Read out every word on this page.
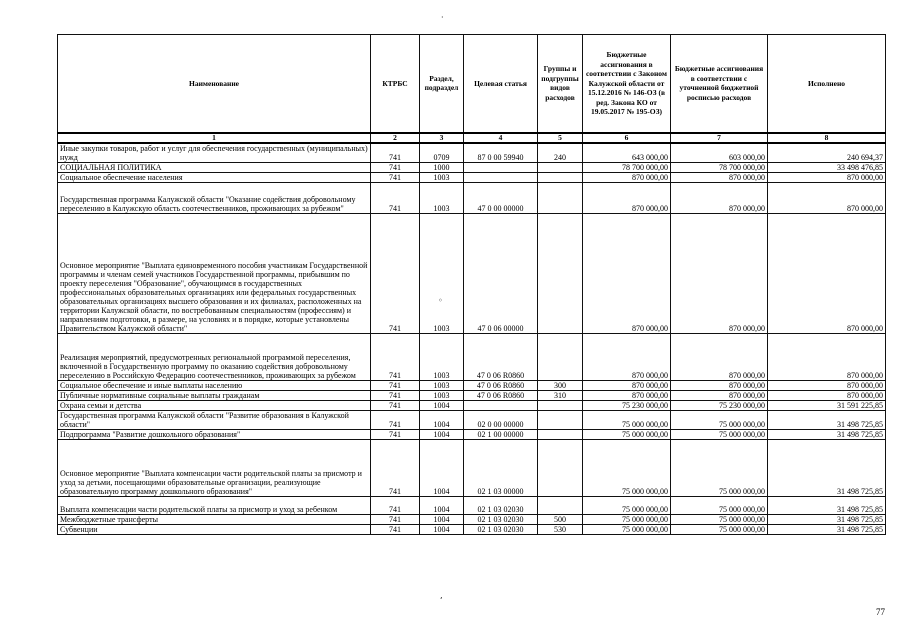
Наименование	КТРБС	Раздел, подраздел	Целевая статья	Группы и подгруппы видов расходов	Бюджетные ассигнования в соответствии с Законом Калужской области от 15.12.2016 № 146-ОЗ (в ред. Закона КО от 19.05.2017 № 195-ОЗ)	Бюджетные ассигнования в соответствии с уточненной бюджетной росписью расходов	Исполнено
1	2	3	4	5	6	7	8
Иные закупки товаров, работ и услуг для обеспечения государственных (муниципальных) нужд	741	0709	87 0 00 59940	240	643 000,00	603 000,00	240 694,37
СОЦИАЛЬНАЯ ПОЛИТИКА	741	1000			78 700 000,00	78 700 000,00	33 498 476,85
Социальное обеспечение населения	741	1003			870 000,00	870 000,00	870 000,00
Государственная программа Калужской области "Оказание содействия добровольному переселению в Калужскую область соотечественников, проживающих за рубежом"	741	1003	47 0 00 00000		870 000,00	870 000,00	870 000,00
Основное мероприятие "Выплата единовременного пособия участникам Государственной программы и членам семей участников Государственной программы, прибывшим по проекту переселения "Образование", обучающимся в государственных профессиональных образовательных организациях или федеральных государственных образовательных организациях высшего образования и их филиалах, расположенных на территории Калужской области, по востребованным специальностям (профессиям) и направлениям подготовки, в размере, на условиях и в порядке, которые установлены Правительством Калужской области"	741	1003	47 0 06 00000		870 000,00	870 000,00	870 000,00
Реализация мероприятий, предусмотренных региональной программой переселения, включенной в Государственную программу по оказанию содействия добровольному переселению в Российскую Федерацию соотечественников, проживающих за рубежом	741	1003	47 0 06 R0860		870 000,00	870 000,00	870 000,00
Социальное обеспечение и иные выплаты населению	741	1003	47 0 06 R0860	300	870 000,00	870 000,00	870 000,00
Публичные нормативные социальные выплаты гражданам	741	1003	47 0 06 R0860	310	870 000,00	870 000,00	870 000,00
Охрана семьи и детства	741	1004			75 230 000,00	75 230 000,00	31 591 225,85
Государственная программа Калужской области "Развитие образования в Калужской области"	741	1004	02 0 00 00000		75 000 000,00	75 000 000,00	31 498 725,85
Подпрограмма "Развитие дошкольного образования"	741	1004	02 1 00 00000		75 000 000,00	75 000 000,00	31 498 725,85
Основное мероприятие "Выплата компенсации части родительской платы за присмотр и уход за детьми, посещающими образовательные организации, реализующие образовательную программу дошкольного образования"	741	1004	02 1 03 00000		75 000 000,00	75 000 000,00	31 498 725,85
Выплата компенсации части родительской платы за присмотр и уход за ребенком	741	1004	02 1 03 02030		75 000 000,00	75 000 000,00	31 498 725,85
Межбюджетные трансферты	741	1004	02 1 03 02030	500	75 000 000,00	75 000 000,00	31 498 725,85
Субвенции	741	1004	02 1 03 02030	530	75 000 000,00	75 000 000,00	31 498 725,85
·
◦
,
77
